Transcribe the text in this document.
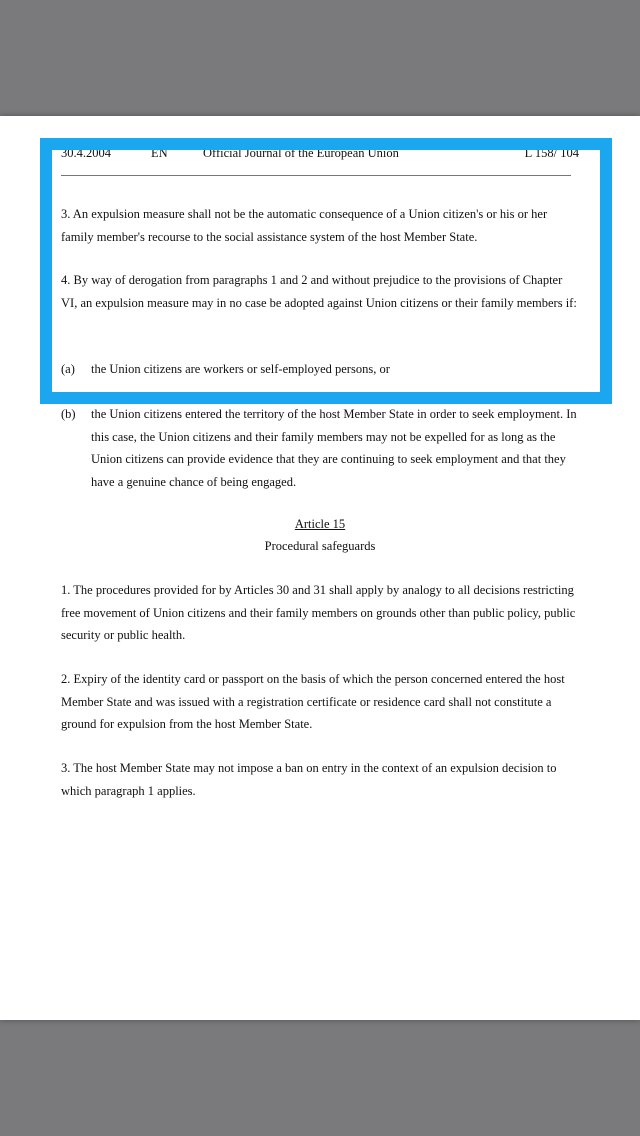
30.4.2004	EN	Official Journal of the European Union	L 158/ 104

3. An expulsion measure shall not be the automatic consequence of a Union citizen's or his or her family member's recourse to the social assistance system of the host Member State.

4. By way of derogation from paragraphs 1 and 2 and without prejudice to the provisions of Chapter VI, an expulsion measure may in no case be adopted against Union citizens or their family members if:

(a) the Union citizens are workers or self-employed persons, or
(b) the Union citizens entered the territory of the host Member State in order to seek employment. In this case, the Union citizens and their family members may not be expelled for as long as the Union citizens can provide evidence that they are continuing to seek employment and that they have a genuine chance of being engaged.
Article 15
Procedural safeguards

1. The procedures provided for by Articles 30 and 31 shall apply by analogy to all decisions restricting free movement of Union citizens and their family members on grounds other than public policy, public security or public health.

2. Expiry of the identity card or passport on the basis of which the person concerned entered the host Member State and was issued with a registration certificate or residence card shall not constitute a ground for expulsion from the host Member State.

3. The host Member State may not impose a ban on entry in the context of an expulsion decision to which paragraph 1 applies.
